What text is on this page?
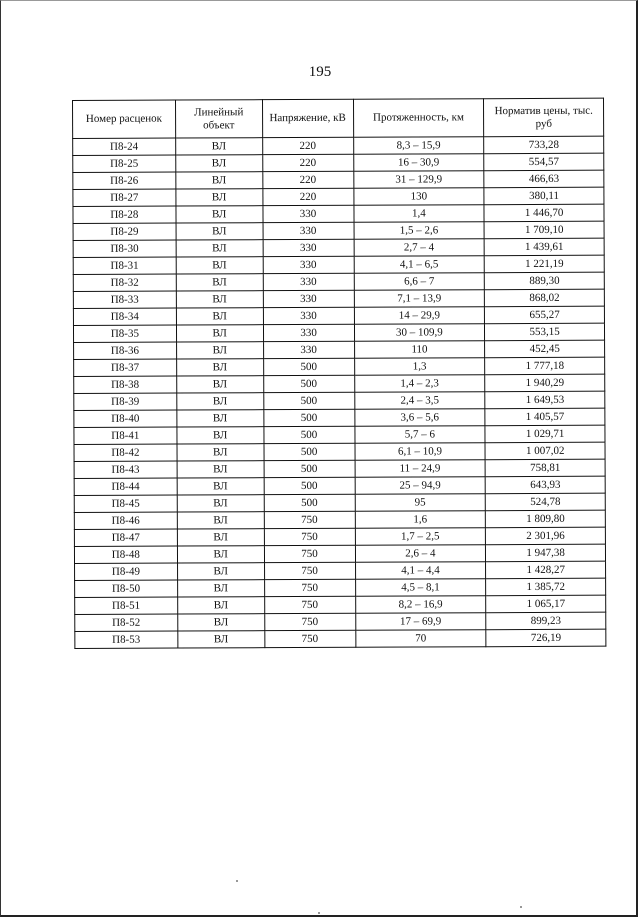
195
Номер расценок	Линейный объект	Напряжение, кВ	Протяженность, км	Норматив цены, тыс. руб
П8-24	ВЛ	220	8,3 – 15,9	733,28
П8-25	ВЛ	220	16 – 30,9	554,57
П8-26	ВЛ	220	31 – 129,9	466,63
П8-27	ВЛ	220	130	380,11
П8-28	ВЛ	330	1,4	1 446,70
П8-29	ВЛ	330	1,5 – 2,6	1 709,10
П8-30	ВЛ	330	2,7 – 4	1 439,61
П8-31	ВЛ	330	4,1 – 6,5	1 221,19
П8-32	ВЛ	330	6,6 – 7	889,30
П8-33	ВЛ	330	7,1 – 13,9	868,02
П8-34	ВЛ	330	14 – 29,9	655,27
П8-35	ВЛ	330	30 – 109,9	553,15
П8-36	ВЛ	330	110	452,45
П8-37	ВЛ	500	1,3	1 777,18
П8-38	ВЛ	500	1,4 – 2,3	1 940,29
П8-39	ВЛ	500	2,4 – 3,5	1 649,53
П8-40	ВЛ	500	3,6 – 5,6	1 405,57
П8-41	ВЛ	500	5,7 – 6	1 029,71
П8-42	ВЛ	500	6,1 – 10,9	1 007,02
П8-43	ВЛ	500	11 – 24,9	758,81
П8-44	ВЛ	500	25 – 94,9	643,93
П8-45	ВЛ	500	95	524,78
П8-46	ВЛ	750	1,6	1 809,80
П8-47	ВЛ	750	1,7 – 2,5	2 301,96
П8-48	ВЛ	750	2,6 – 4	1 947,38
П8-49	ВЛ	750	4,1 – 4,4	1 428,27
П8-50	ВЛ	750	4,5 – 8,1	1 385,72
П8-51	ВЛ	750	8,2 – 16,9	1 065,17
П8-52	ВЛ	750	17 – 69,9	899,23
П8-53	ВЛ	750	70	726,19
